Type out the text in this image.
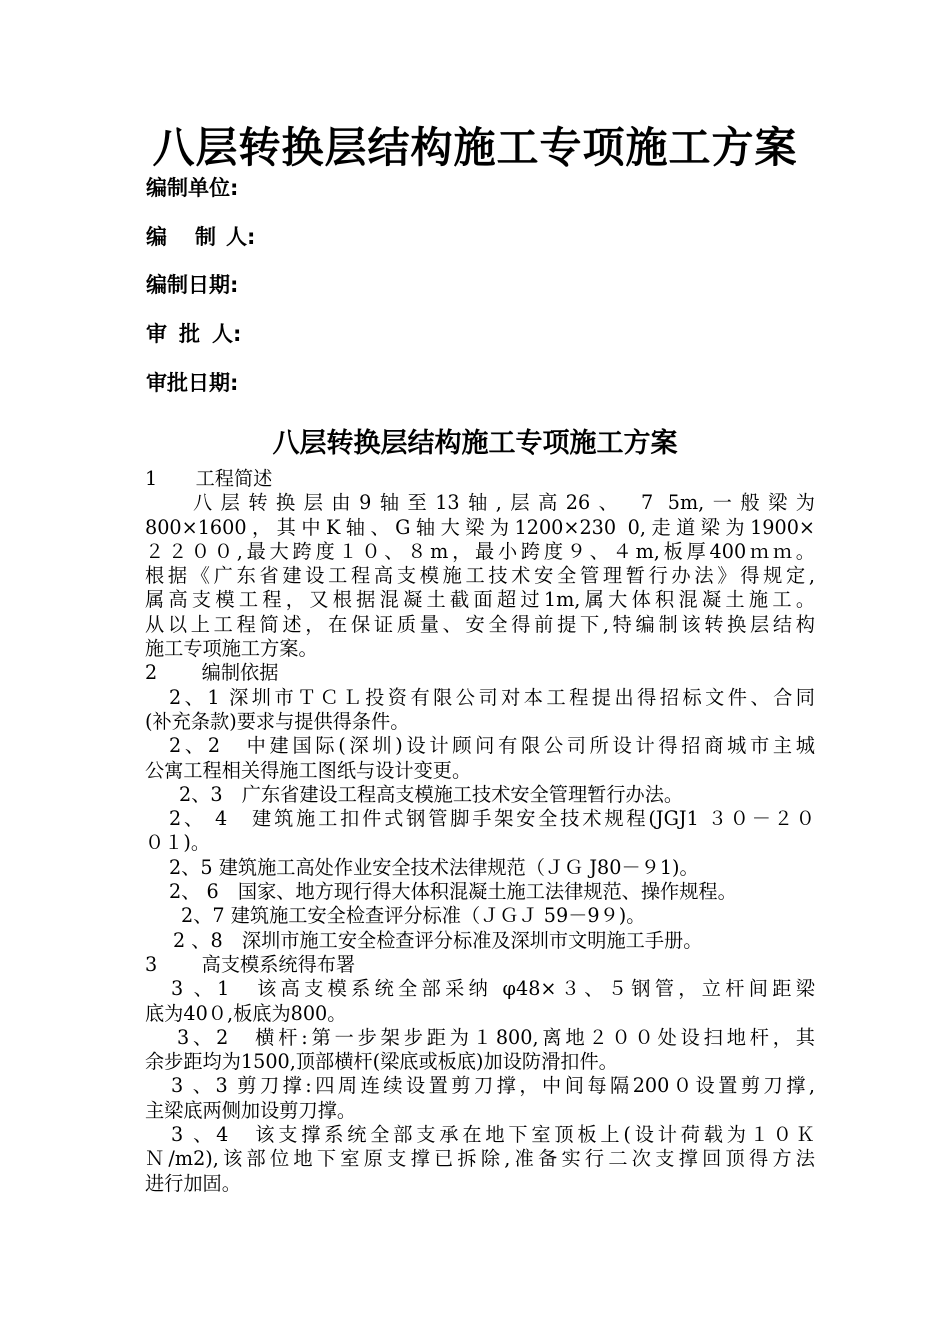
八层转换层结构施工专项施工方案
编制单位:
编 制 人:
编制日期:
审 批 人:
审批日期:
八层转换层结构施工专项施工方案

1　　工程简述

八层转换层由9轴至13轴,层高26、 7 5m,一般梁为

800×1600，其中K轴、G轴大梁为1200×230 0,走道梁为1900×

２２００,最大跨度１０、８m，最小跨度９、４m,板厚400ｍｍ。

根据《广东省建设工程高支模施工技术安全管理暂行办法》得规定,

属高支模工程，又根据混凝土截面超过1m,属大体积混凝土施工。

从以上工程简述，在保证质量、安全得前提下,特编制该转换层结构

施工专项施工方案。

2　　 编制依据

2、1 深圳市ＴＣＬ投资有限公司对本工程提出得招标文件、合同

(补充条款)要求与提供得条件。

2、2　中建国际(深圳)设计顾问有限公司所设计得招商城市主城

公寓工程相关得施工图纸与设计变更。

2、3　广东省建设工程高支模施工技术安全管理暂行办法。

2、 4　建筑施工扣件式钢管脚手架安全技术规程(JGJ1 ３０－２０

０１)。

2、5 建筑施工高处作业安全技术法律规范（ＪＧ J80－９1)。

2、 6　国家、地方现行得大体积混凝土施工法律规范、操作规程。

2、7 建筑施工安全检查评分标准（ＪＧＪ 59－9９)。

2 、8　深圳市施工安全检查评分标准及深圳市文明施工手册。

3　　 高支模系统得布署

3 、1　该高支模系统全部采纳 φ48×３、５钢管，立杆间距梁

底为40０,板底为800。

3、2　横杆:第一步架步距为１800,离地２００处设扫地杆，其

余步距均为1500,顶部横杆(梁底或板底)加设防滑扣件。

3 、3 剪刀撑:四周连续设置剪刀撑，中间每隔200０设置剪刀撑,

主梁底两侧加设剪刀撑。

3 、4　该支撑系统全部支承在地下室顶板上(设计荷载为１０Ｋ

Ｎ/m2),该部位地下室原支撑已拆除,准备实行二次支撑回顶得方法

进行加固。
